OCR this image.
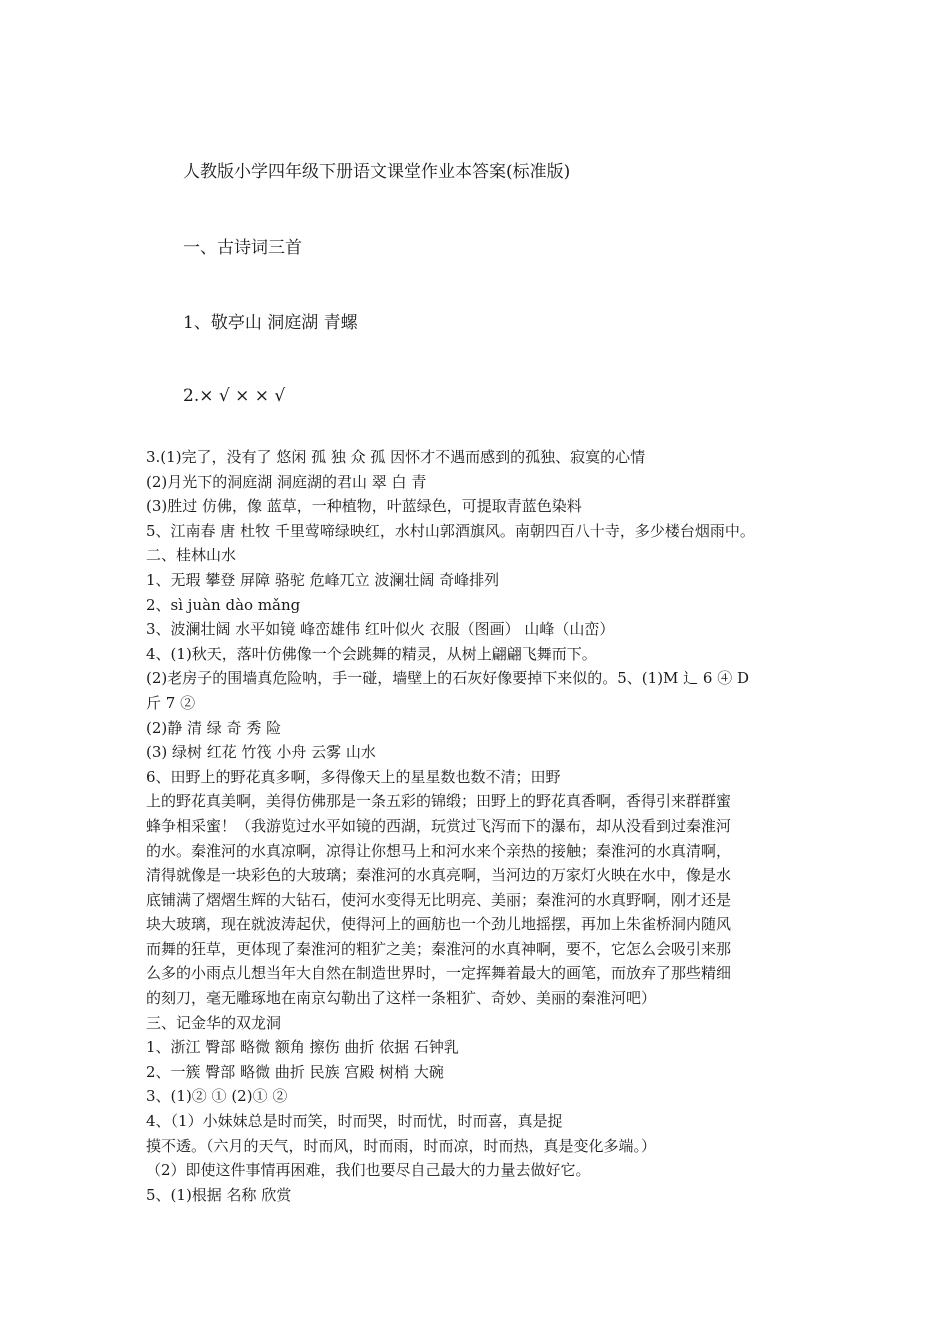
人教版小学四年级下册语文课堂作业本答案(标准版)
一、古诗词三首
1、敬亭山 洞庭湖 青螺
2.× √ × × √
3.(1)完了，没有了 悠闲 孤 独 众 孤 因怀才不遇而感到的孤独、寂寞的心情
(2)月光下的洞庭湖 洞庭湖的君山 翠 白 青
(3)胜过 仿佛，像 蓝草，一种植物，叶蓝绿色，可提取青蓝色染料
5、江南春 唐 杜牧 千里莺啼绿映红，水村山郭酒旗风。南朝四百八十寺，多少楼台烟雨中。
二、桂林山水
1、无瑕 攀登 屏障 骆驼 危峰兀立 波澜壮阔 奇峰排列
2、sì juàn dào mǎng
3、波澜壮阔 水平如镜 峰峦雄伟 红叶似火 衣服（图画） 山峰（山峦）
4、(1)秋天，落叶仿佛像一个会跳舞的精灵，从树上翩翩飞舞而下。
(2)老房子的围墙真危险呐，手一碰，墙壁上的石灰好像要掉下来似的。5、(1)M 辶 6 ④ D
斤 7 ②
(2)静 清 绿 奇 秀 险
(3) 绿树 红花 竹筏 小舟 云雾 山水
6、田野上的野花真多啊，多得像天上的星星数也数不清；田野
上的野花真美啊，美得仿佛那是一条五彩的锦缎；田野上的野花真香啊，香得引来群群蜜
蜂争相采蜜！（我游览过水平如镜的西湖，玩赏过飞泻而下的瀑布，却从没看到过秦淮河
的水。秦淮河的水真凉啊，凉得让你想马上和河水来个亲热的接触；秦淮河的水真清啊，
清得就像是一块彩色的大玻璃；秦淮河的水真亮啊，当河边的万家灯火映在水中，像是水
底铺满了熠熠生辉的大钻石，使河水变得无比明亮、美丽；秦淮河的水真野啊，刚才还是
块大玻璃，现在就波涛起伏，使得河上的画舫也一个劲儿地摇摆，再加上朱雀桥洞内随风
而舞的狂草，更体现了秦淮河的粗犷之美；秦淮河的水真神啊，要不，它怎么会吸引来那
么多的小雨点儿想当年大自然在制造世界时，一定挥舞着最大的画笔，而放弃了那些精细
的刻刀，毫无雕琢地在南京勾勒出了这样一条粗犷、奇妙、美丽的秦淮河吧）
三、记金华的双龙洞
1、浙江 臀部 略微 额角 擦伤 曲折 依据 石钟乳
2、一簇 臀部 略微 曲折 民族 宫殿 树梢 大碗
3、(1)② ① (2)① ②
4、（1）小妹妹总是时而笑，时而哭，时而忧，时而喜，真是捉
摸不透。（六月的天气，时而风，时而雨，时而凉，时而热，真是变化多端。）
（2）即使这件事情再困难，我们也要尽自己最大的力量去做好它。
5、(1)根据 名称 欣赏
